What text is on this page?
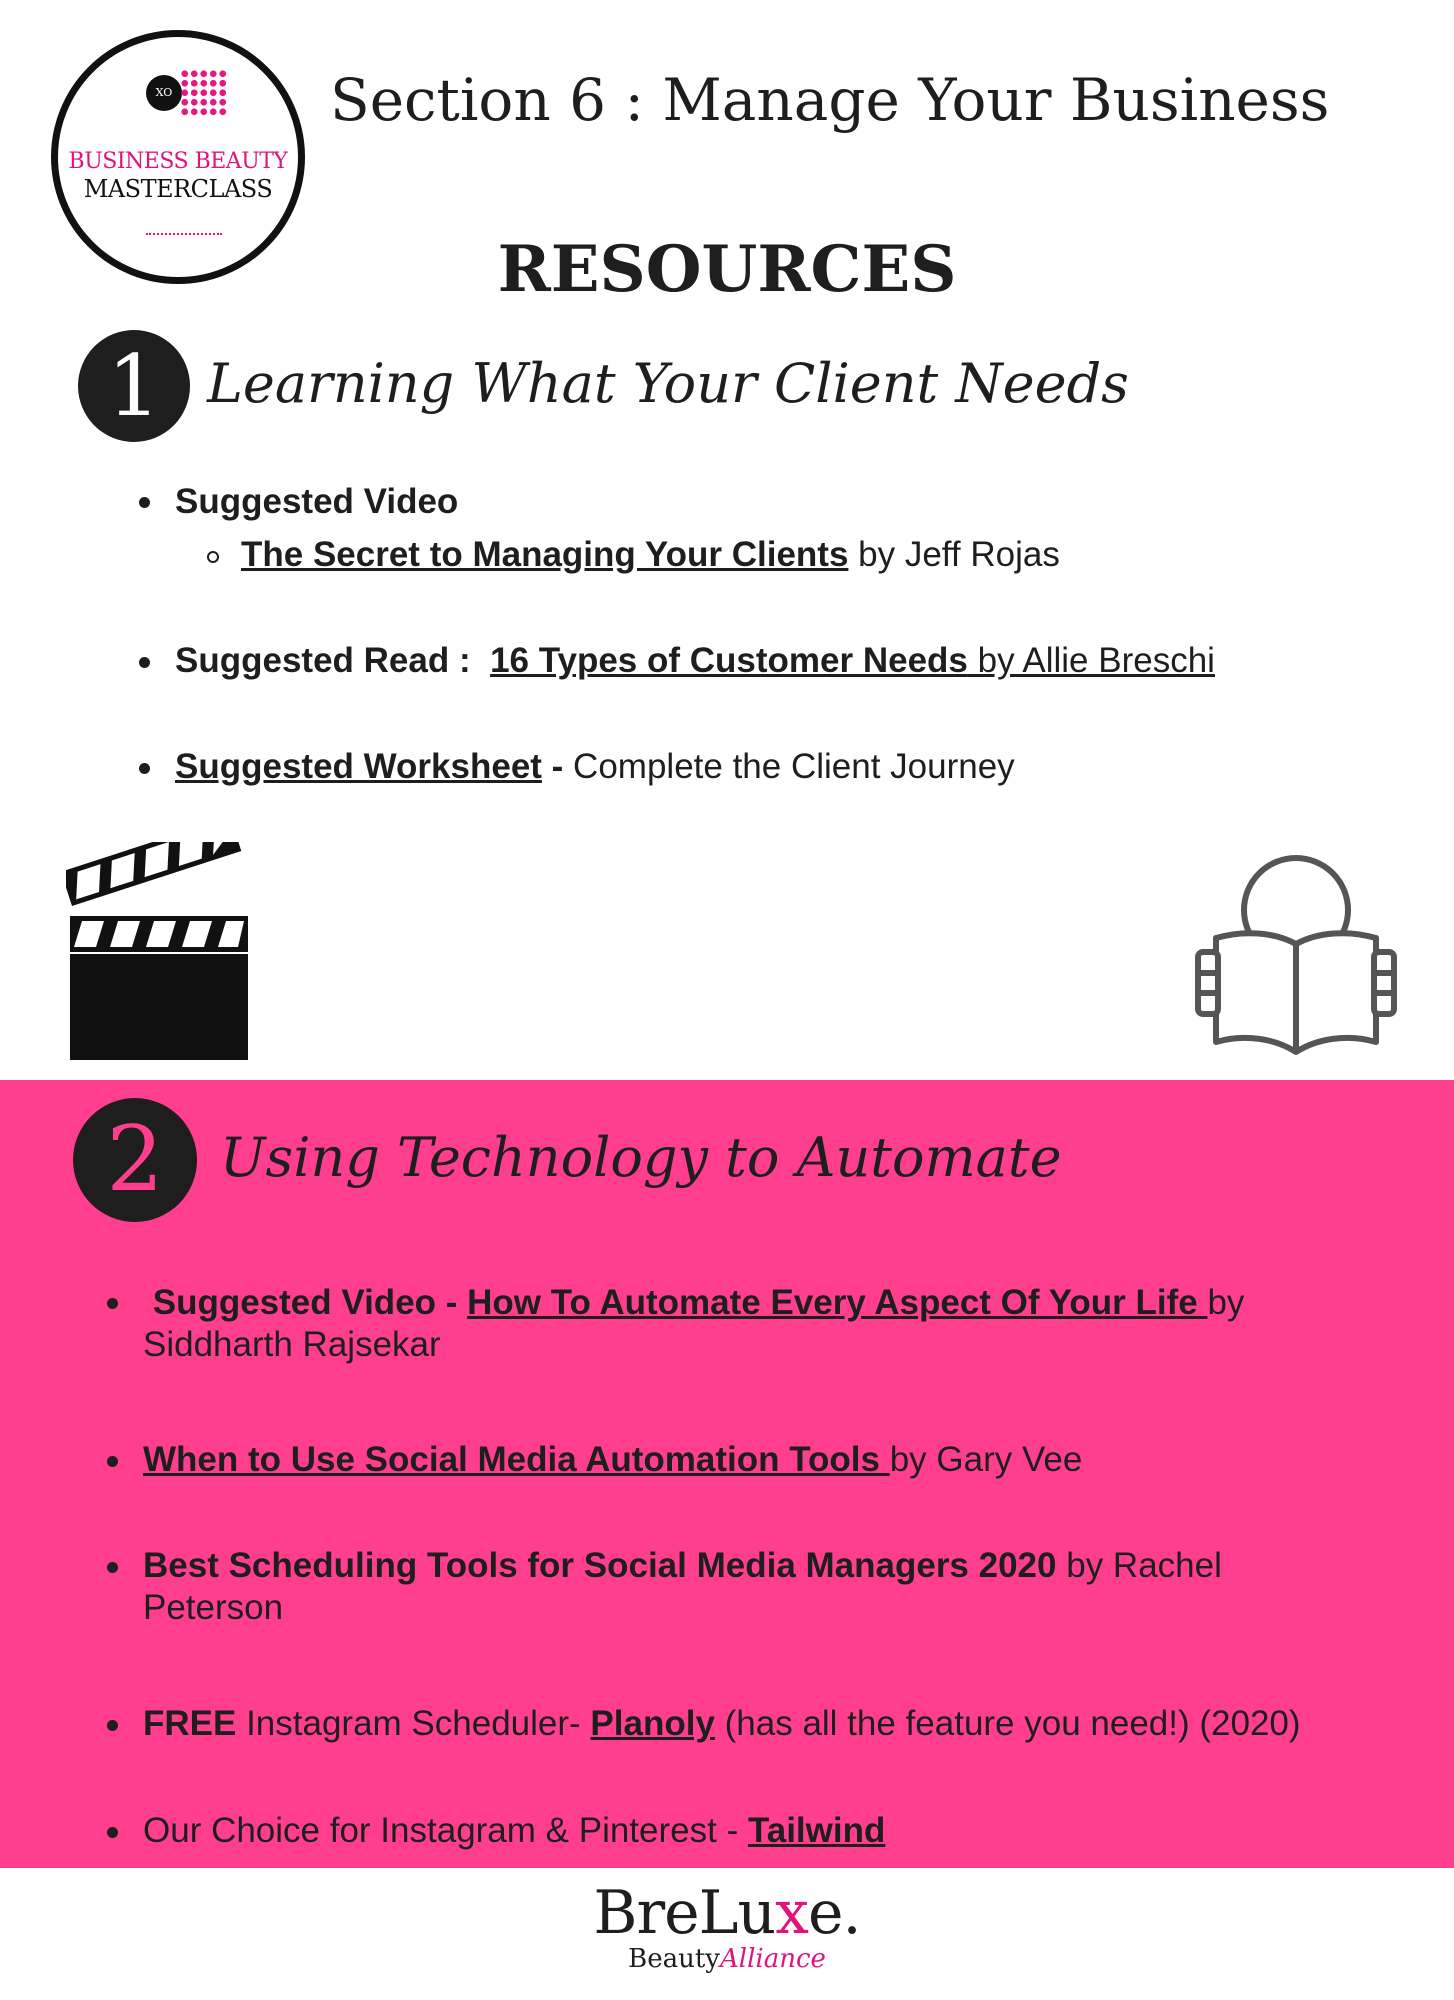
XO
BUSINESS BEAUTY
MASTERCLASS
Section 6 : Manage Your Business
RESOURCES
1 Learning What Your Client Needs
Suggested Video
The Secret to Managing Your Clients by Jeff Rojas
Suggested Read :  16 Types of Customer Needs by Allie Breschi
Suggested Worksheet - Complete the Client Journey
2	Using Technology to Automate
Suggested Video - How To Automate Every Aspect Of Your Life by
Siddharth Rajsekar
When to Use Social Media Automation Tools by Gary Vee
Best Scheduling Tools for Social Media Managers 2020 by Rachel
Peterson
FREE Instagram Scheduler- Planoly (has all the feature you need!) (2020)
Our Choice for Instagram & Pinterest - Tailwind
BreLuxe.
BeautyAlliance
